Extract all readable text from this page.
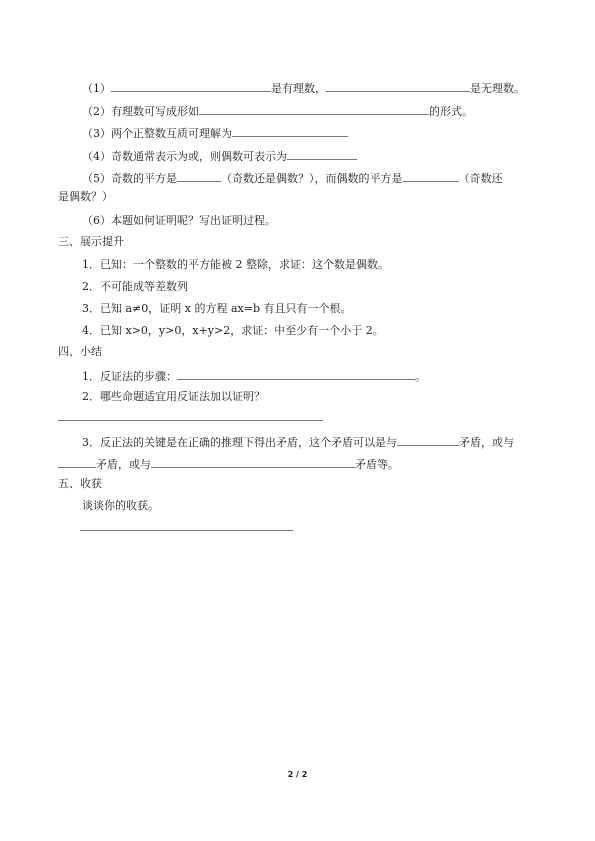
（1）	是有理数，	是无理数。
（2）有理数可写成形如	的形式。
（3）两个正整数互质可理解为
（4）奇数通常表示为或，则偶数可表示为
（5）奇数的平方是	（奇数还是偶数？），而偶数的平方是	（奇数还
是偶数？）
（6）本题如何证明呢？写出证明过程。
三、展示提升
1．已知：一个整数的平方能被 2 整除，求证：这个数是偶数。
2．不可能成等差数列
3．已知 a≠0，证明 x 的方程 ax=b 有且只有一个根。
4．已知 x>0，y>0，x+y>2，求证：中至少有一个小于 2。
四、小结
1．反证法的步骤：	。
2．哪些命题适宜用反证法加以证明？
3．反正法的关键是在正确的推理下得出矛盾，这个矛盾可以是与	矛盾，或与
矛盾，或与	矛盾等。
五、收获
谈谈你的收获。
2 / 2
